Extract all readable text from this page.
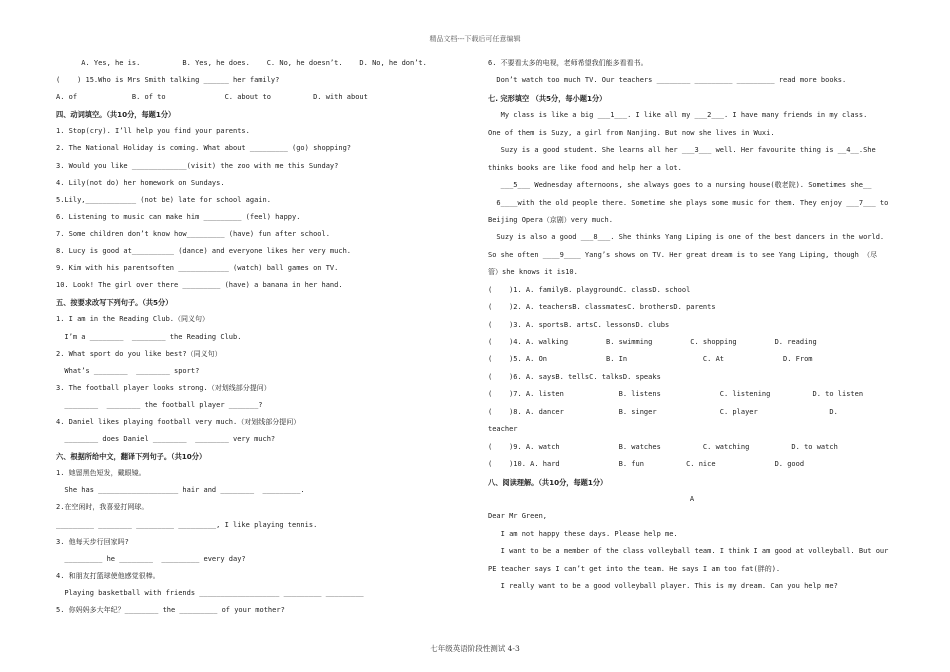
精品文档---下载后可任意编辑
A. Yes, he is.          B. Yes, he does.    C. No, he doesn’t.    D. No, he don’t.
(    ) 15.Who is Mrs Smith talking ______ her family?
A. of             B. of to              C. about to          D. with about
四、动词填空。（共10分，每题1分）
1. Stop(cry). I’ll help you find your parents.
2. The National Holiday is coming. What about _________ (go) shopping?
3. Would you like _____________(visit) the zoo with me this Sunday?
4. Lily(not do) her homework on Sundays.
5.Lily,____________ (not be) late for school again.
6. Listening to music can make him _________ (feel) happy.
7. Some children don’t know how_________ (have) fun after school.
8. Lucy is good at__________ (dance) and everyone likes her very much.
9. Kim with his parentsoften ____________ (watch) ball games on TV.
10. Look! The girl over there _________ (have) a banana in her hand.
五、按要求改写下列句子。（共5分）
1. I am in the Reading Club.（同义句）
I’m a ________  ________ the Reading Club.
2. What sport do you like best?（同义句）
What’s ________  ________ sport?
3. The football player looks strong.（对划线部分提问）
________  ________ the football player _______?
4. Daniel likes playing football very much.（对划线部分提问）
________ does Daniel ________  ________ very much?
六、根据所给中文，翻译下列句子。（共10分）
1. 她留黑色短发，戴眼镜。
She has ___________________ hair and ________  _________.
2.在空闲时，我喜爱打网球。
_________ ________ _________ _________, I like playing tennis.
3. 他每天步行回家吗?
_________ he ________  _________ every day?
4. 和朋友打篮球使他感觉很棒。
Playing basketball with friends ___________________ _________ _________
5. 你妈妈多大年纪？________ the _________ of your mother?
6. 不要看太多的电视，老师希望我们能多看看书。
Don’t watch too much TV. Our teachers ________ _________ _________ read more books.
七. 完形填空 （共5分，每小题1分）
My class is like a big ___1___. I like all my ___2___. I have many friends in my class.
One of them is Suzy, a girl from Nanjing. But now she lives in Wuxi.
Suzy is a good student. She learns all her ___3___ well. Her favourite thing is __4__.She
thinks books are like food and help her a lot.
___5___ Wednesday afternoons, she always goes to a nursing house(敬老院). Sometimes she__
6____with the old people there. Sometime she plays some music for them. They enjoy ___7___ to
Beijing Opera（京剧）very much.
Suzy is also a good ___8___. She thinks Yang Liping is one of the best dancers in the world.
So she often ____9____ Yang’s shows on TV. Her great dream is to see Yang Liping, though （尽
管）she knows it is10.
(    )1. A. familyB. playgroundC. classD. school
(    )2. A. teachersB. classmatesC. brothersD. parents
(    )3. A. sportsB. artsC. lessonsD. clubs
(    )4. A. walking         B. swimming         C. shopping         D. reading
(    )5. A. On              B. In                  C. At              D. From
(    )6. A. saysB. tellsC. talksD. speaks
(    )7. A. listen             B. listens              C. listening          D. to listen
(    )8. A. dancer             B. singer               C. player                 D.
teacher
(    )9. A. watch              B. watches          C. watching          D. to watch
(    )10. A. hard              B. fun          C. nice              D. good
八、阅读理解。（共10分，每题1分）
A
Dear Mr Green,
I am not happy these days. Please help me.
I want to be a member of the class volleyball team. I think I am good at volleyball. But our
PE teacher says I can’t get into the team. He says I am too fat(胖的).
I really want to be a good volleyball player. This is my dream. Can you help me?
七年级英语阶段性测试 4-3
